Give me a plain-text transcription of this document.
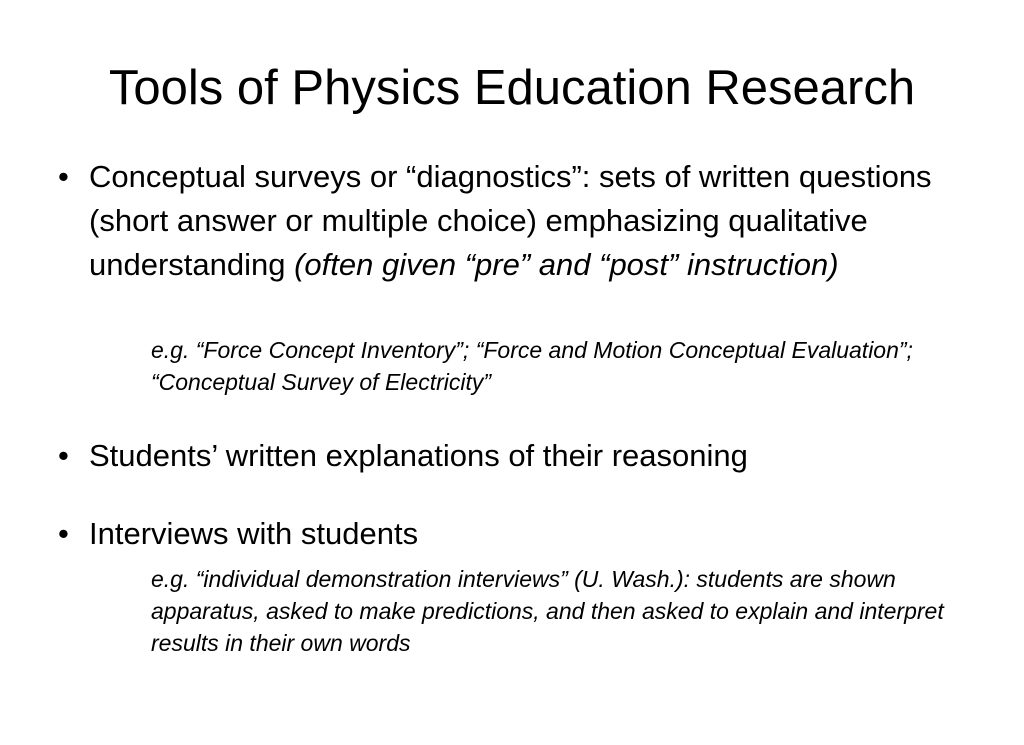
Tools of Physics Education Research
• Conceptual surveys or “diagnostics”: sets of written questions (short answer or multiple choice) emphasizing qualitative understanding (often given “pre” and “post” instruction)
e.g. “Force Concept Inventory”; “Force and Motion Conceptual Evaluation”; “Conceptual Survey of Electricity”
• Students’ written explanations of their reasoning
• Interviews with students
e.g. “individual demonstration interviews” (U. Wash.): students are shown apparatus, asked to make predictions, and then asked to explain and interpret results in their own words
